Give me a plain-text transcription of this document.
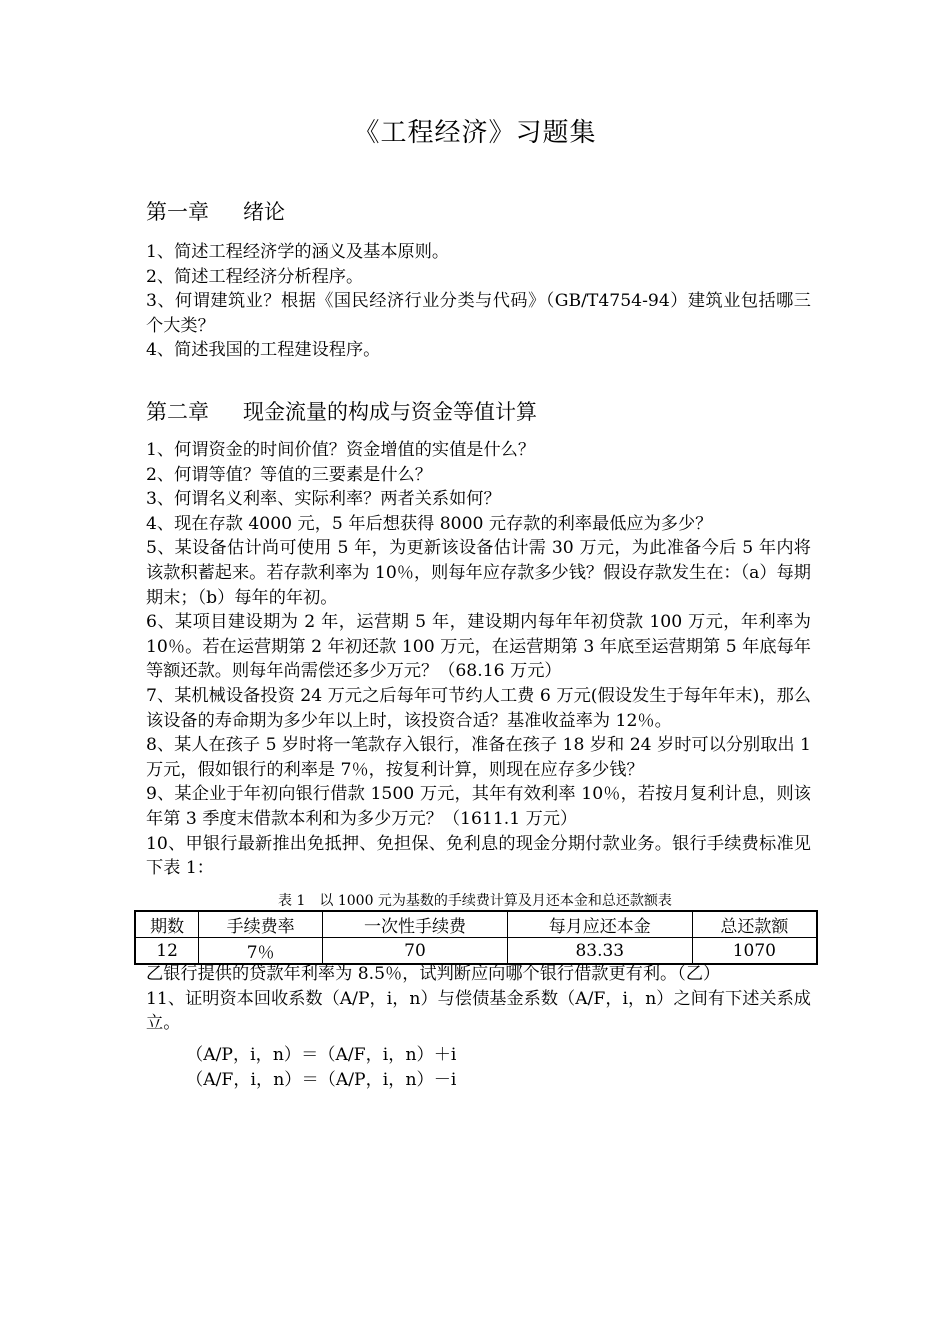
《工程经济》习题集
第一章 绪论
1、简述工程经济学的涵义及基本原则。
2、简述工程经济分析程序。
3、何谓建筑业？根据《国民经济行业分类与代码》（GB/T4754-94）建筑业包括哪三个大类？
4、简述我国的工程建设程序。
第二章 现金流量的构成与资金等值计算
1、何谓资金的时间价值？资金增值的实值是什么？
2、何谓等值？等值的三要素是什么？
3、何谓名义利率、实际利率？两者关系如何？
4、现在存款 4000 元，5 年后想获得 8000 元存款的利率最低应为多少？
5、某设备估计尚可使用 5 年，为更新该设备估计需 30 万元，为此准备今后 5 年内将该款积蓄起来。若存款利率为 10％，则每年应存款多少钱？假设存款发生在：（a）每期期末；（b）每年的年初。
6、某项目建设期为 2 年，运营期 5 年，建设期内每年年初贷款 100 万元，年利率为 10％。若在运营期第 2 年初还款 100 万元，在运营期第 3 年底至运营期第 5 年底每年等额还款。则每年尚需偿还多少万元？（68.16 万元）
7、某机械设备投资 24 万元之后每年可节约人工费 6 万元(假设发生于每年年末)，那么该设备的寿命期为多少年以上时，该投资合适？基准收益率为 12％。
8、某人在孩子 5 岁时将一笔款存入银行，准备在孩子 18 岁和 24 岁时可以分别取出 1 万元，假如银行的利率是 7％，按复利计算，则现在应存多少钱？
9、某企业于年初向银行借款 1500 万元，其年有效利率 10％，若按月复利计息，则该年第 3 季度末借款本利和为多少万元？（1611.1 万元）
10、甲银行最新推出免抵押、免担保、免利息的现金分期付款业务。银行手续费标准见下表 1：
表 1　以 1000 元为基数的手续费计算及月还本金和总还款额表
期数	手续费率	一次性手续费	每月应还本金	总还款额
12	7％	70	83.33	1070
乙银行提供的贷款年利率为 8.5％，试判断应向哪个银行借款更有利。（乙）
11、证明资本回收系数（A/P，i，n）与偿债基金系数（A/F，i，n）之间有下述关系成立。
（A/P，i，n）＝（A/F，i，n）＋i
（A/F，i，n）＝（A/P，i，n）－i
